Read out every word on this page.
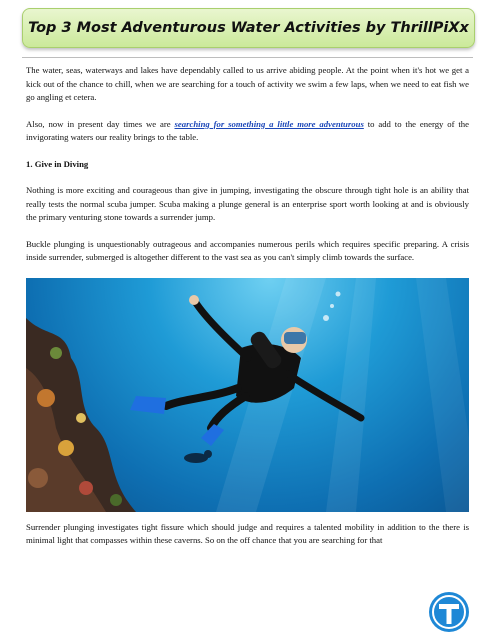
Top 3 Most Adventurous Water Activities by ThrillPiXx

The water, seas, waterways and lakes have dependably called to us arrive abiding people. At the point when it's hot we get a kick out of the chance to chill, when we are searching for a touch of activity we swim a few laps, when we need to eat fish we go angling et cetera.

Also, now in present day times we are searching for something a little more adventurous to add to the energy of the invigorating waters our reality brings to the table.

1. Give in Diving

Nothing is more exciting and courageous than give in jumping, investigating the obscure through tight hole is an ability that really tests the normal scuba jumper. Scuba making a plunge general is an enterprise sport worth looking at and is obviously the primary venturing stone towards a surrender jump.

Buckle plunging is unquestionably outrageous and accompanies numerous perils which requires specific preparing. A crisis inside surrender, submerged is altogether different to the vast sea as you can't simply climb towards the surface.

Surrender plunging investigates tight fissure which should judge and requires a talented mobility in addition to the there is minimal light that compasses within these caverns. So on the off chance that you are searching for that
